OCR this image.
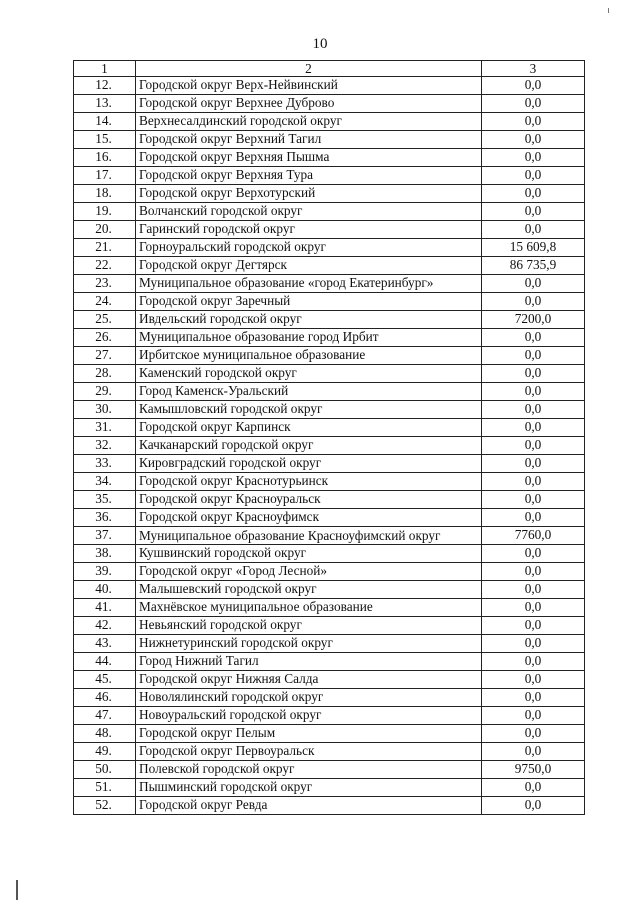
10
1	2	3
12.	Городской округ Верх-Нейвинский	0,0
13.	Городской округ Верхнее Дуброво	0,0
14.	Верхнесалдинский городской округ	0,0
15.	Городской округ Верхний Тагил	0,0
16.	Городской округ Верхняя Пышма	0,0
17.	Городской округ Верхняя Тура	0,0
18.	Городской округ Верхотурский	0,0
19.	Волчанский городской округ	0,0
20.	Гаринский городской округ	0,0
21.	Горноуральский городской округ	15 609,8
22.	Городской округ Дегтярск	86 735,9
23.	Муниципальное образование «город Екатеринбург»	0,0
24.	Городской округ Заречный	0,0
25.	Ивдельский городской округ	7200,0
26.	Муниципальное образование город Ирбит	0,0
27.	Ирбитское муниципальное образование	0,0
28.	Каменский городской округ	0,0
29.	Город Каменск-Уральский	0,0
30.	Камышловский городской округ	0,0
31.	Городской округ Карпинск	0,0
32.	Качканарский городской округ	0,0
33.	Кировградский городской округ	0,0
34.	Городской округ Краснотурьинск	0,0
35.	Городской округ Красноуральск	0,0
36.	Городской округ Красноуфимск	0,0
37.	Муниципальное образование Красноуфимский округ	7760,0
38.	Кушвинский городской округ	0,0
39.	Городской округ «Город Лесной»	0,0
40.	Малышевский городской округ	0,0
41.	Махнёвское муниципальное образование	0,0
42.	Невьянский городской округ	0,0
43.	Нижнетуринский городской округ	0,0
44.	Город Нижний Тагил	0,0
45.	Городской округ Нижняя Салда	0,0
46.	Новолялинский городской округ	0,0
47.	Новоуральский городской округ	0,0
48.	Городской округ Пелым	0,0
49.	Городской округ Первоуральск	0,0
50.	Полевской городской округ	9750,0
51.	Пышминский городской округ	0,0
52.	Городской округ Ревда	0,0
